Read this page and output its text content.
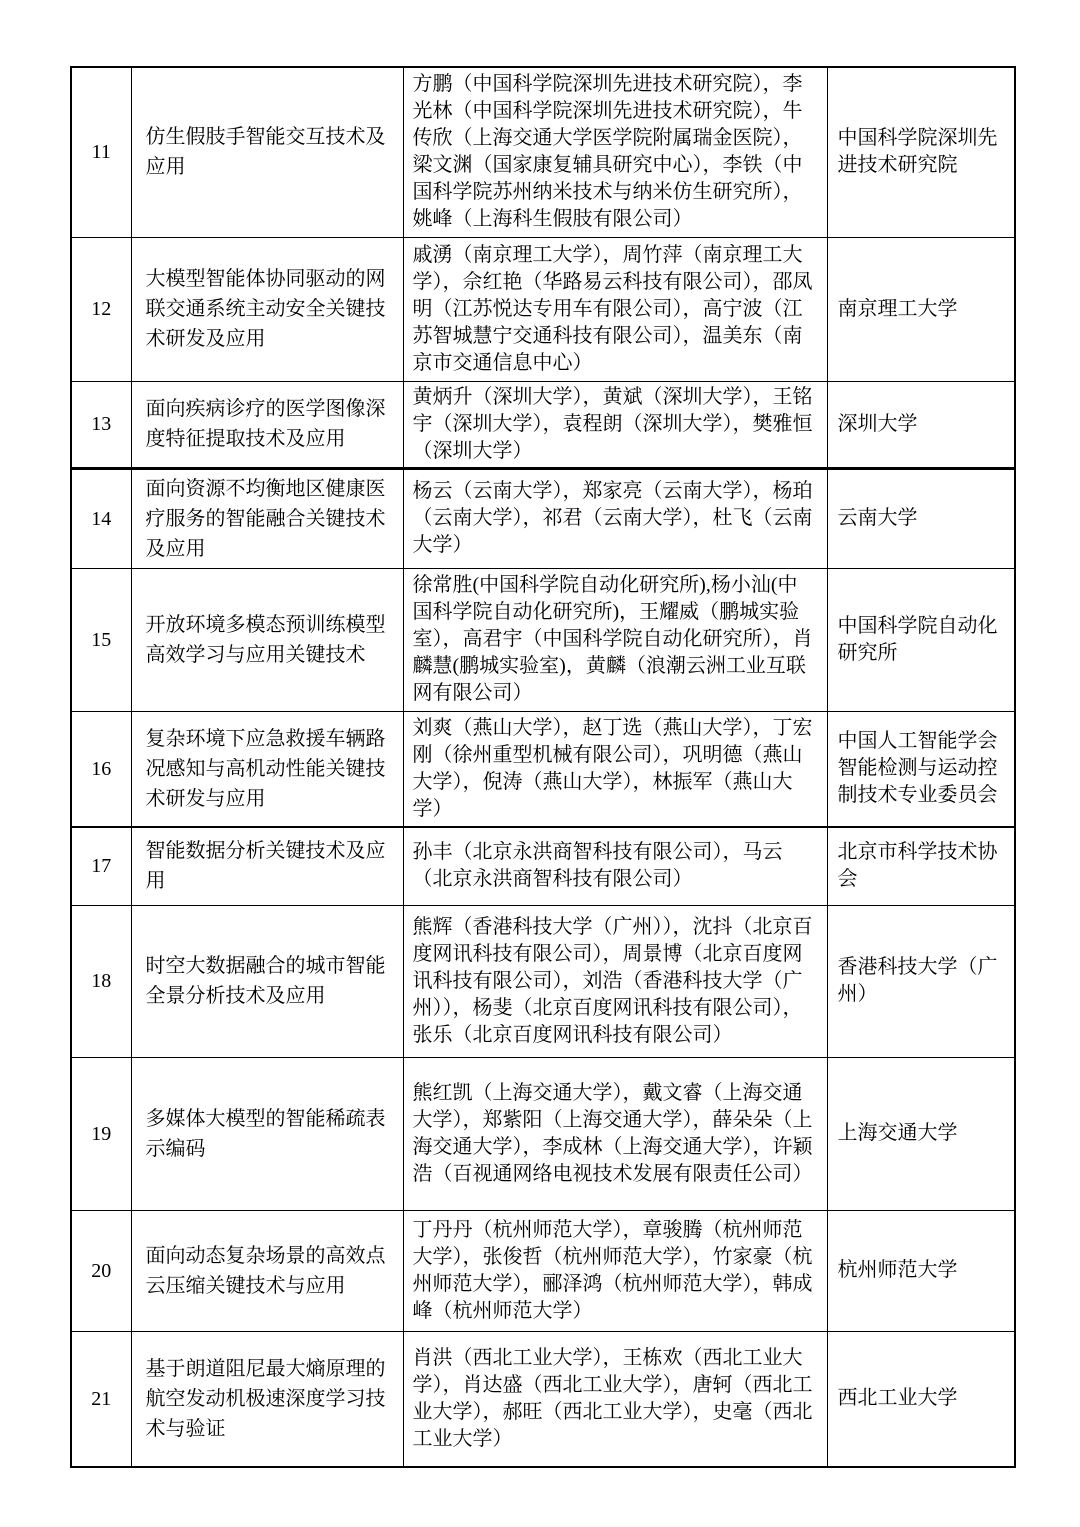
11	仿生假肢手智能交互技术及应用	方鹏（中国科学院深圳先进技术研究院），李光林（中国科学院深圳先进技术研究院），牛传欣（上海交通大学医学院附属瑞金医院），梁文渊（国家康复辅具研究中心），李铁（中国科学院苏州纳米技术与纳米仿生研究所），姚峰（上海科生假肢有限公司）	中国科学院深圳先进技术研究院
12	大模型智能体协同驱动的网联交通系统主动安全关键技术研发及应用	戚湧（南京理工大学），周竹萍（南京理工大学），佘红艳（华路易云科技有限公司），邵凤明（江苏悦达专用车有限公司），高宁波（江苏智城慧宁交通科技有限公司），温美东（南京市交通信息中心）	南京理工大学
13	面向疾病诊疗的医学图像深度特征提取技术及应用	黄炳升（深圳大学），黄斌（深圳大学），王铭宇（深圳大学），袁程朗（深圳大学），樊雅恒（深圳大学）	深圳大学
14	面向资源不均衡地区健康医疗服务的智能融合关键技术及应用	杨云（云南大学），郑家亮（云南大学），杨珀（云南大学），祁君（云南大学），杜飞（云南大学）	云南大学
15	开放环境多模态预训练模型高效学习与应用关键技术	徐常胜(中国科学院自动化研究所),杨小汕(中国科学院自动化研究所)，王耀威（鹏城实验室），高君宇（中国科学院自动化研究所），肖麟慧(鹏城实验室)，黄麟（浪潮云洲工业互联网有限公司）	中国科学院自动化研究所
16	复杂环境下应急救援车辆路况感知与高机动性能关键技术研发与应用	刘爽（燕山大学），赵丁选（燕山大学），丁宏刚（徐州重型机械有限公司），巩明德（燕山大学），倪涛（燕山大学），林振军（燕山大学）	中国人工智能学会智能检测与运动控制技术专业委员会
17	智能数据分析关键技术及应用	孙丰（北京永洪商智科技有限公司），马云（北京永洪商智科技有限公司）	北京市科学技术协会
18	时空大数据融合的城市智能全景分析技术及应用	熊辉（香港科技大学（广州）），沈抖（北京百度网讯科技有限公司），周景博（北京百度网讯科技有限公司），刘浩（香港科技大学（广州）），杨斐（北京百度网讯科技有限公司），张乐（北京百度网讯科技有限公司）	香港科技大学（广州）
19	多媒体大模型的智能稀疏表示编码	熊红凯（上海交通大学），戴文睿（上海交通大学），郑紫阳（上海交通大学），薛朵朵（上海交通大学），李成林（上海交通大学），许颖浩（百视通网络电视技术发展有限责任公司）	上海交通大学
20	面向动态复杂场景的高效点云压缩关键技术与应用	丁丹丹（杭州师范大学），章骏腾（杭州师范大学），张俊哲（杭州师范大学），竹家豪（杭州师范大学），郦泽鸿（杭州师范大学），韩成峰（杭州师范大学）	杭州师范大学
21	基于朗道阻尼最大熵原理的航空发动机极速深度学习技术与验证	肖洪（西北工业大学），王栋欢（西北工业大学），肖达盛（西北工业大学），唐轲（西北工业大学），郝旺（西北工业大学），史毫（西北工业大学）	西北工业大学
